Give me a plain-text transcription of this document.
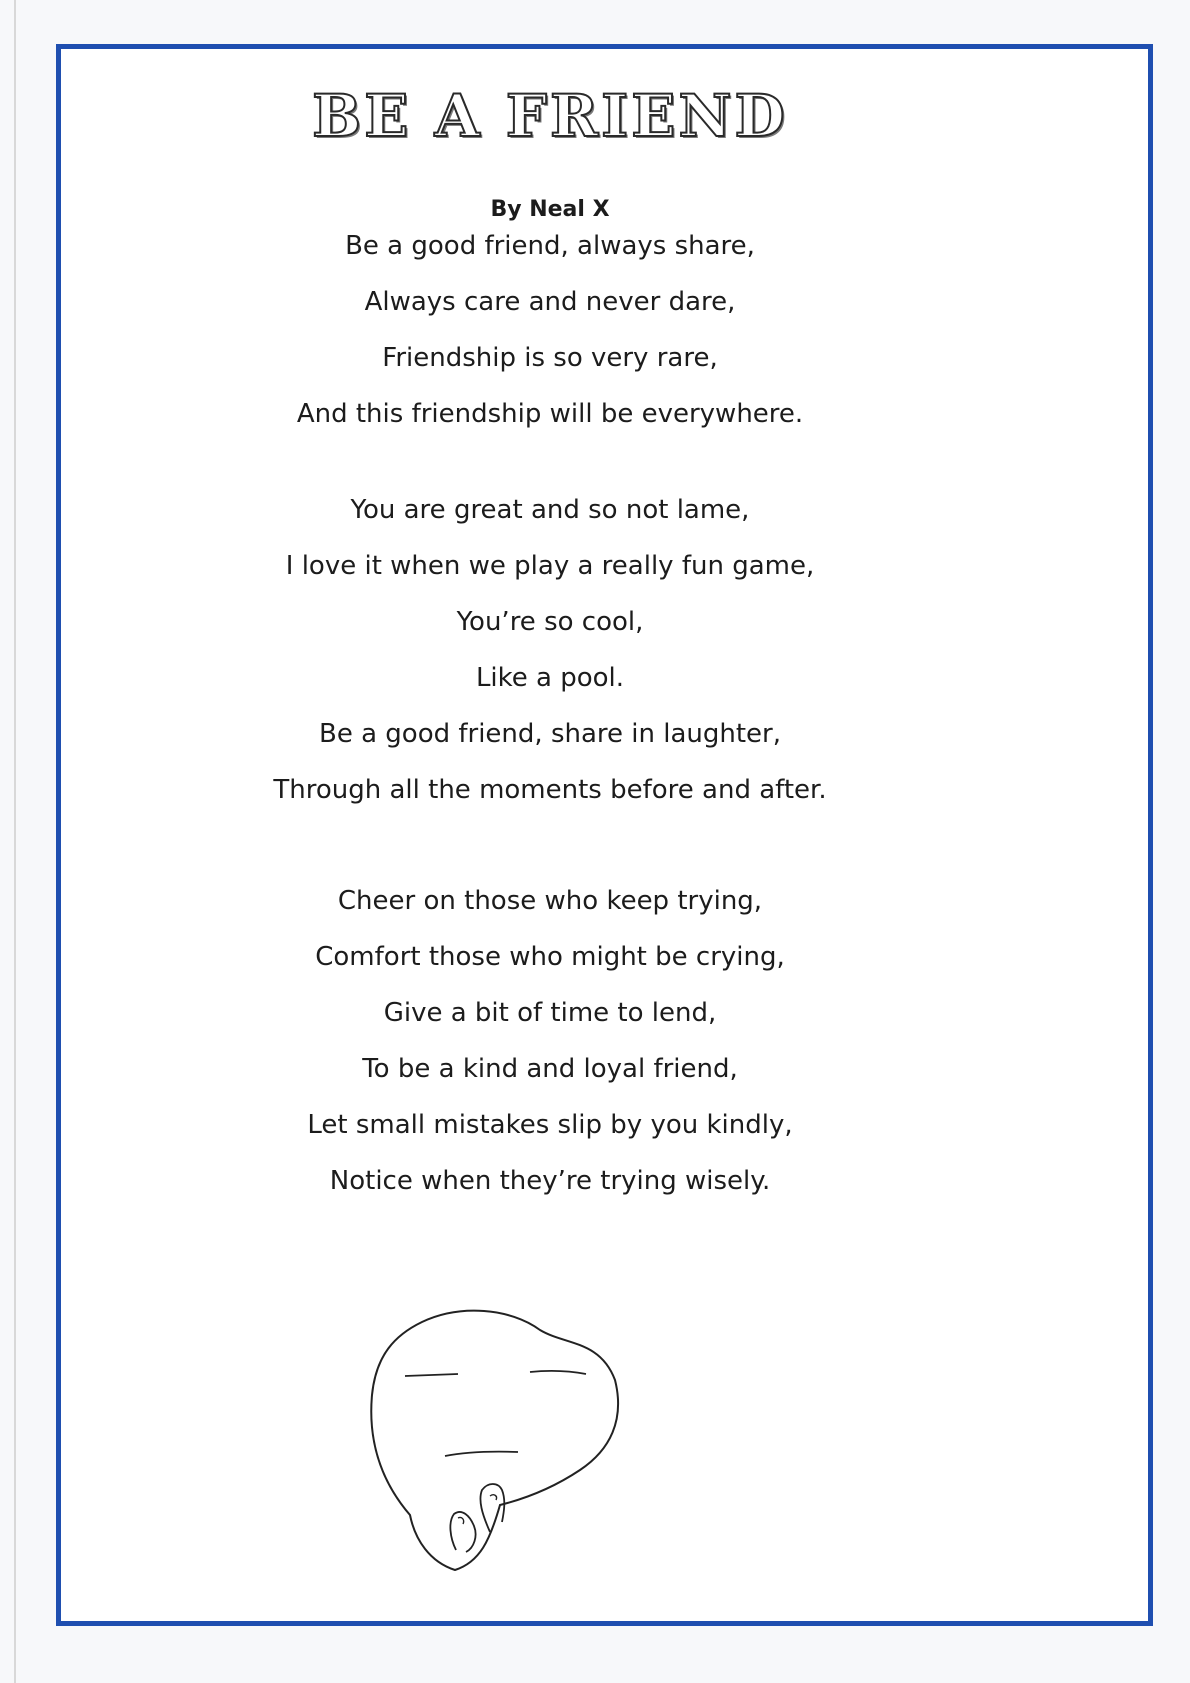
BE A FRIEND
By Neal X
Be a good friend, always share,
Always care and never dare,
Friendship is so very rare,
And this friendship will be everywhere.
You are great and so not lame,
I love it when we play a really fun game,
You’re so cool,
Like a pool.
Be a good friend, share in laughter,
Through all the moments before and after.
Cheer on those who keep trying,
Comfort those who might be crying,
Give a bit of time to lend,
To be a kind and loyal friend,
Let small mistakes slip by you kindly,
Notice when they’re trying wisely.
